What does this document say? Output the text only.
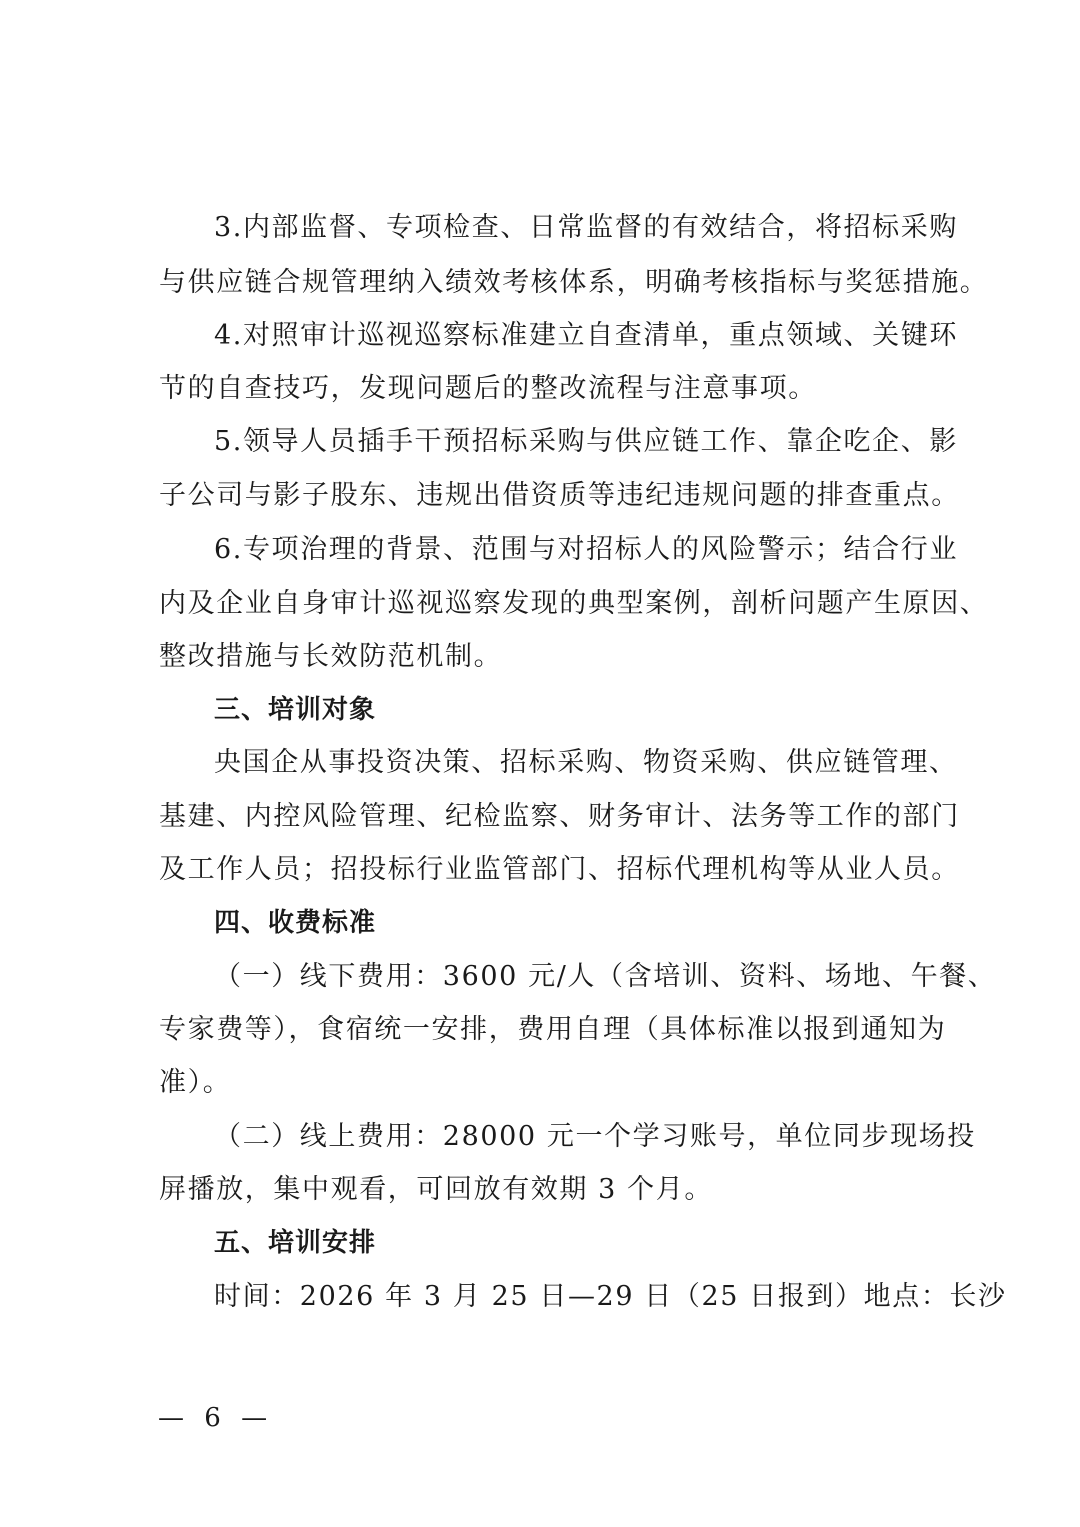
3.内部监督、专项检查、日常监督的有效结合，将招标采购
与供应链合规管理纳入绩效考核体系，明确考核指标与奖惩措施。
4.对照审计巡视巡察标准建立自查清单，重点领域、关键环
节的自查技巧，发现问题后的整改流程与注意事项。
5.领导人员插手干预招标采购与供应链工作、靠企吃企、影
子公司与影子股东、违规出借资质等违纪违规问题的排查重点。
6.专项治理的背景、范围与对招标人的风险警示；结合行业
内及企业自身审计巡视巡察发现的典型案例，剖析问题产生原因、
整改措施与长效防范机制。
三、培训对象
央国企从事投资决策、招标采购、物资采购、供应链管理、
基建、内控风险管理、纪检监察、财务审计、法务等工作的部门
及工作人员；招投标行业监管部门、招标代理机构等从业人员。
四、收费标准
（一）线下费用：3600 元/人（含培训、资料、场地、午餐、
专家费等），食宿统一安排，费用自理（具体标准以报到通知为
准）。
（二）线上费用：28000 元一个学习账号，单位同步现场投
屏播放，集中观看，可回放有效期 3 个月。
五、培训安排
时间：2026 年 3 月 25 日—29 日（25 日报到）地点：长沙
— 6 —
